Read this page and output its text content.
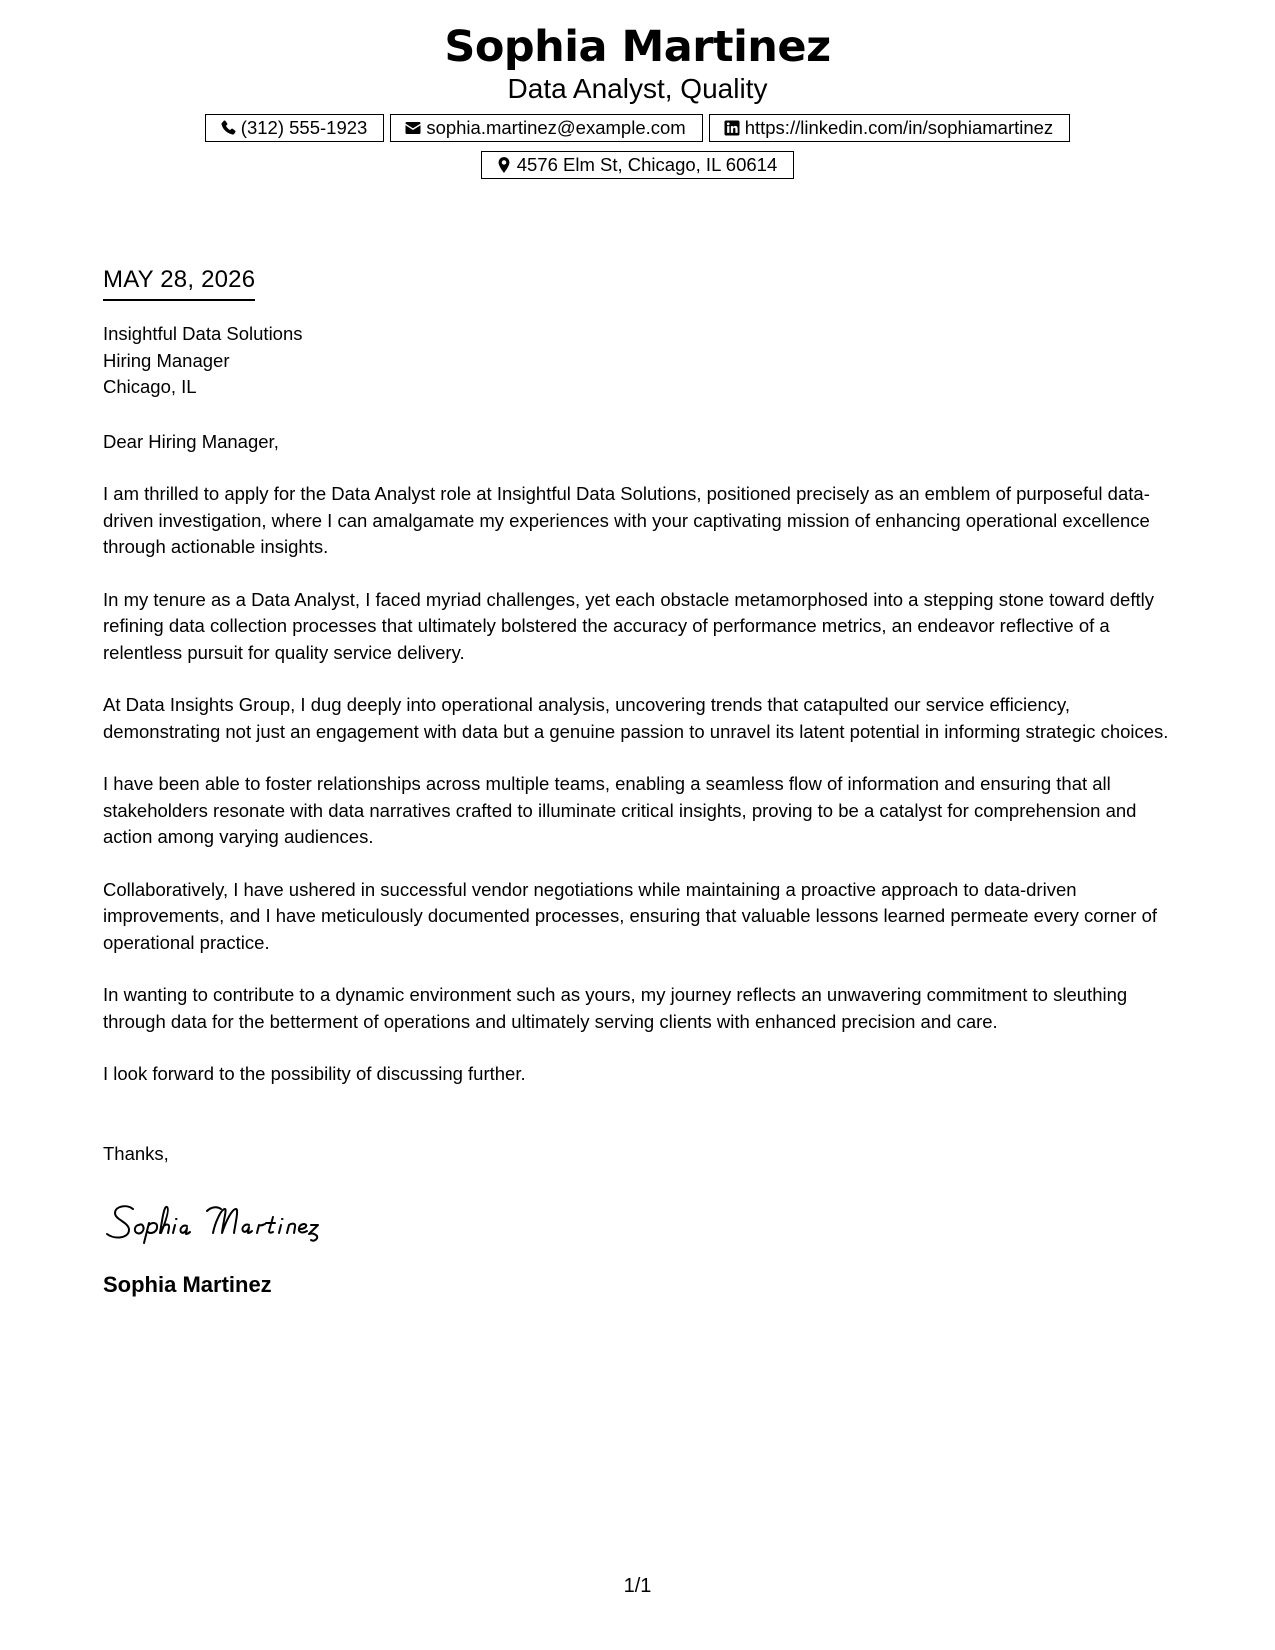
Sophia Martinez
Data Analyst, Quality
(312) 555-1923	sophia.martinez@example.com	https://linkedin.com/in/sophiamartinez
4576 Elm St, Chicago, IL 60614
MAY 28, 2026
Insightful Data Solutions
Hiring Manager
Chicago, IL
Dear Hiring Manager,
I am thrilled to apply for the Data Analyst role at Insightful Data Solutions, positioned precisely as an emblem of purposeful data-driven investigation, where I can amalgamate my experiences with your captivating mission of enhancing operational excellence through actionable insights.
In my tenure as a Data Analyst, I faced myriad challenges, yet each obstacle metamorphosed into a stepping stone toward deftly refining data collection processes that ultimately bolstered the accuracy of performance metrics, an endeavor reflective of a relentless pursuit for quality service delivery.
At Data Insights Group, I dug deeply into operational analysis, uncovering trends that catapulted our service efficiency, demonstrating not just an engagement with data but a genuine passion to unravel its latent potential in informing strategic choices.
I have been able to foster relationships across multiple teams, enabling a seamless flow of information and ensuring that all stakeholders resonate with data narratives crafted to illuminate critical insights, proving to be a catalyst for comprehension and action among varying audiences.
Collaboratively, I have ushered in successful vendor negotiations while maintaining a proactive approach to data-driven improvements, and I have meticulously documented processes, ensuring that valuable lessons learned permeate every corner of operational practice.
In wanting to contribute to a dynamic environment such as yours, my journey reflects an unwavering commitment to sleuthing through data for the betterment of operations and ultimately serving clients with enhanced precision and care.
I look forward to the possibility of discussing further.
Thanks,
Sophia Martinez
1/1
